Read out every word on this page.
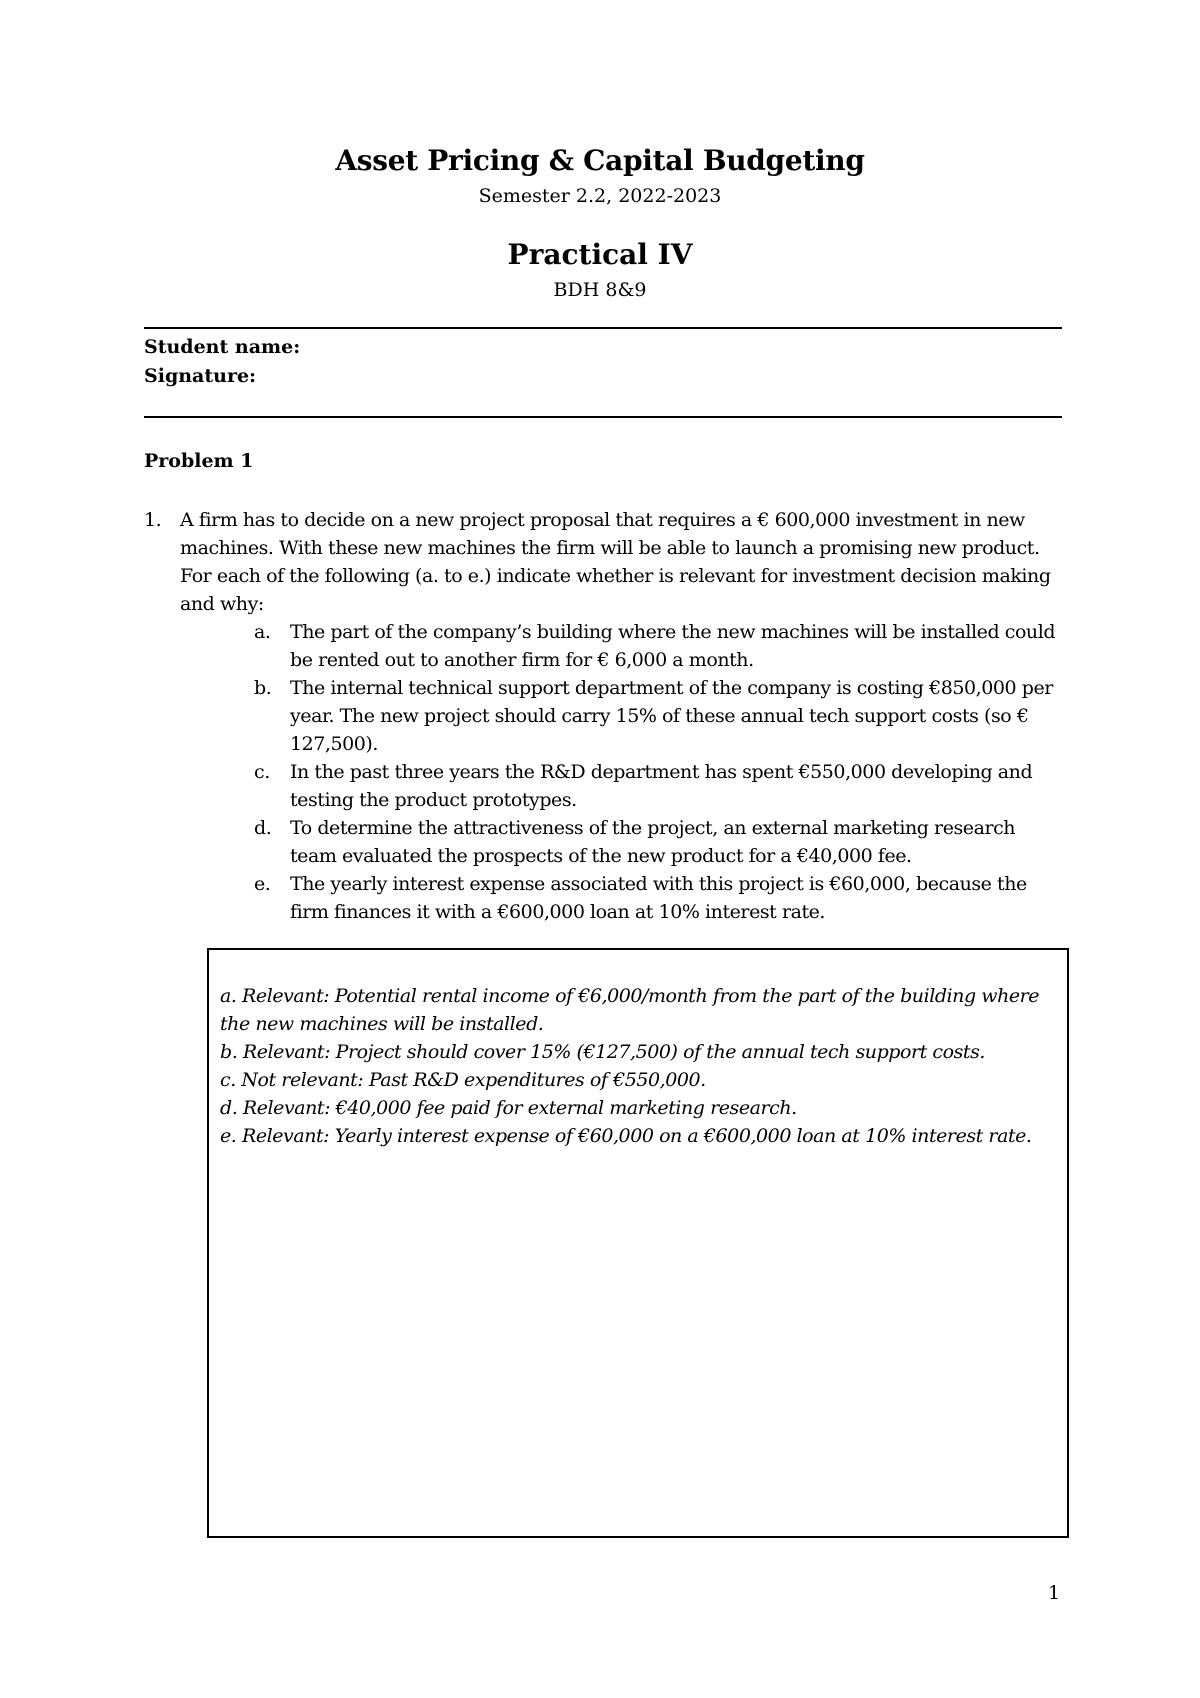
Asset Pricing & Capital Budgeting
Semester 2.2, 2022-2023
Practical IV
BDH 8&9
Student name:
Signature:
Problem 1
1. A firm has to decide on a new project proposal that requires a € 600,000 investment in new machines. With these new machines the firm will be able to launch a promising new product. For each of the following (a. to e.) indicate whether is relevant for investment decision making and why:
a. The part of the company’s building where the new machines will be installed could be rented out to another firm for € 6,000 a month.
b. The internal technical support department of the company is costing €850,000 per year. The new project should carry 15% of these annual tech support costs (so € 127,500).
c. In the past three years the R&D department has spent €550,000 developing and testing the product prototypes.
d. To determine the attractiveness of the project, an external marketing research team evaluated the prospects of the new product for a €40,000 fee.
e. The yearly interest expense associated with this project is €60,000, because the firm finances it with a €600,000 loan at 10% interest rate.

a. Relevant: Potential rental income of €6,000/month from the part of the building where the new machines will be installed.

b. Relevant: Project should cover 15% (€127,500) of the annual tech support costs.

c. Not relevant: Past R&D expenditures of €550,000.

d. Relevant: €40,000 fee paid for external marketing research.

e. Relevant: Yearly interest expense of €60,000 on a €600,000 loan at 10% interest rate.

1
